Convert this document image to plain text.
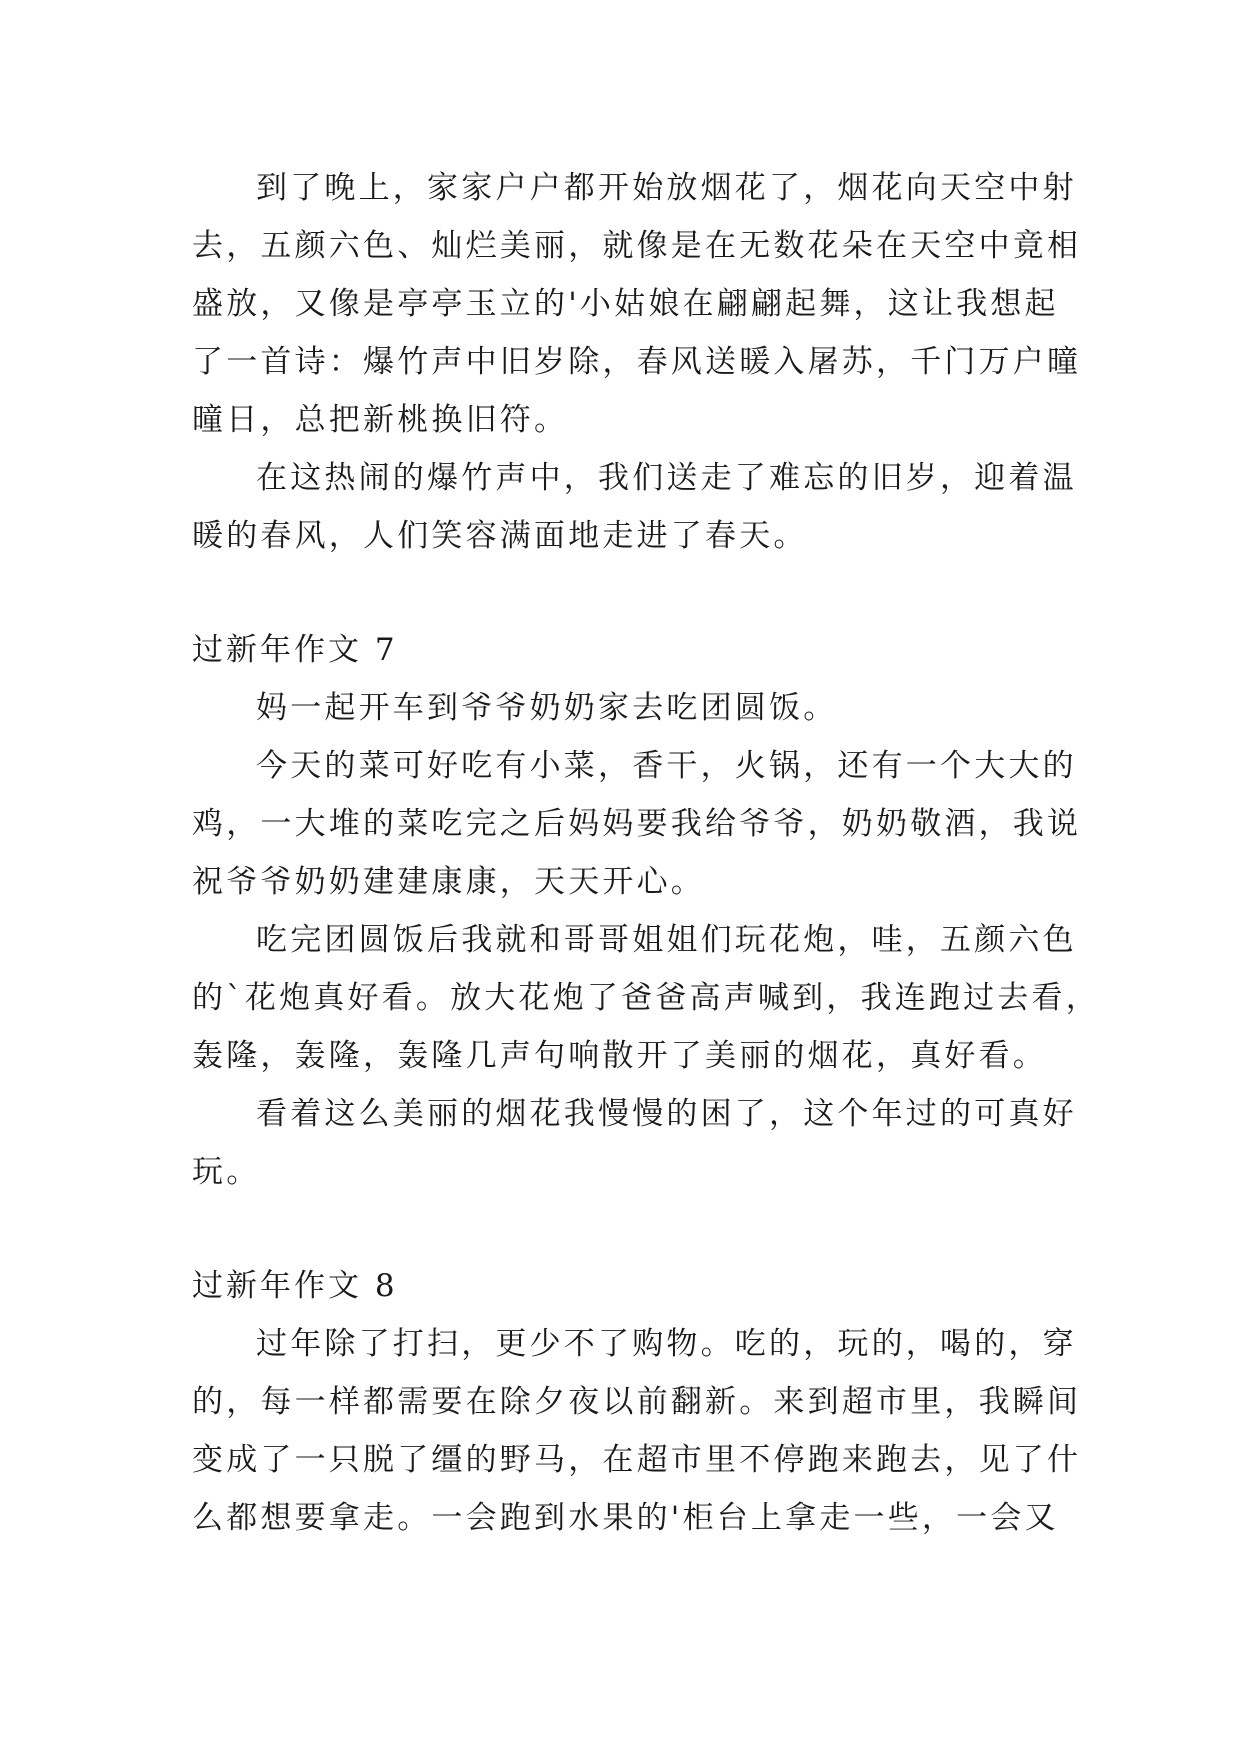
到了晚上，家家户户都开始放烟花了，烟花向天空中射
去，五颜六色、灿烂美丽，就像是在无数花朵在天空中竟相
盛放，又像是亭亭玉立的'小姑娘在翩翩起舞，这让我想起
了一首诗：爆竹声中旧岁除，春风送暖入屠苏，千门万户曈
曈日，总把新桃换旧符。
在这热闹的爆竹声中，我们送走了难忘的旧岁，迎着温
暖的春风，人们笑容满面地走进了春天。
过新年作文 7
妈一起开车到爷爷奶奶家去吃团圆饭。
今天的菜可好吃有小菜，香干，火锅，还有一个大大的
鸡，一大堆的菜吃完之后妈妈要我给爷爷，奶奶敬酒，我说
祝爷爷奶奶建建康康，天天开心。
吃完团圆饭后我就和哥哥姐姐们玩花炮，哇，五颜六色
的`花炮真好看。放大花炮了爸爸高声喊到，我连跑过去看，
轰隆，轰隆，轰隆几声句响散开了美丽的烟花，真好看。
看着这么美丽的烟花我慢慢的困了，这个年过的可真好
玩。
过新年作文 8
过年除了打扫，更少不了购物。吃的，玩的，喝的，穿
的，每一样都需要在除夕夜以前翻新。来到超市里，我瞬间
变成了一只脱了缰的野马，在超市里不停跑来跑去，见了什
么都想要拿走。一会跑到水果的'柜台上拿走一些，一会又
